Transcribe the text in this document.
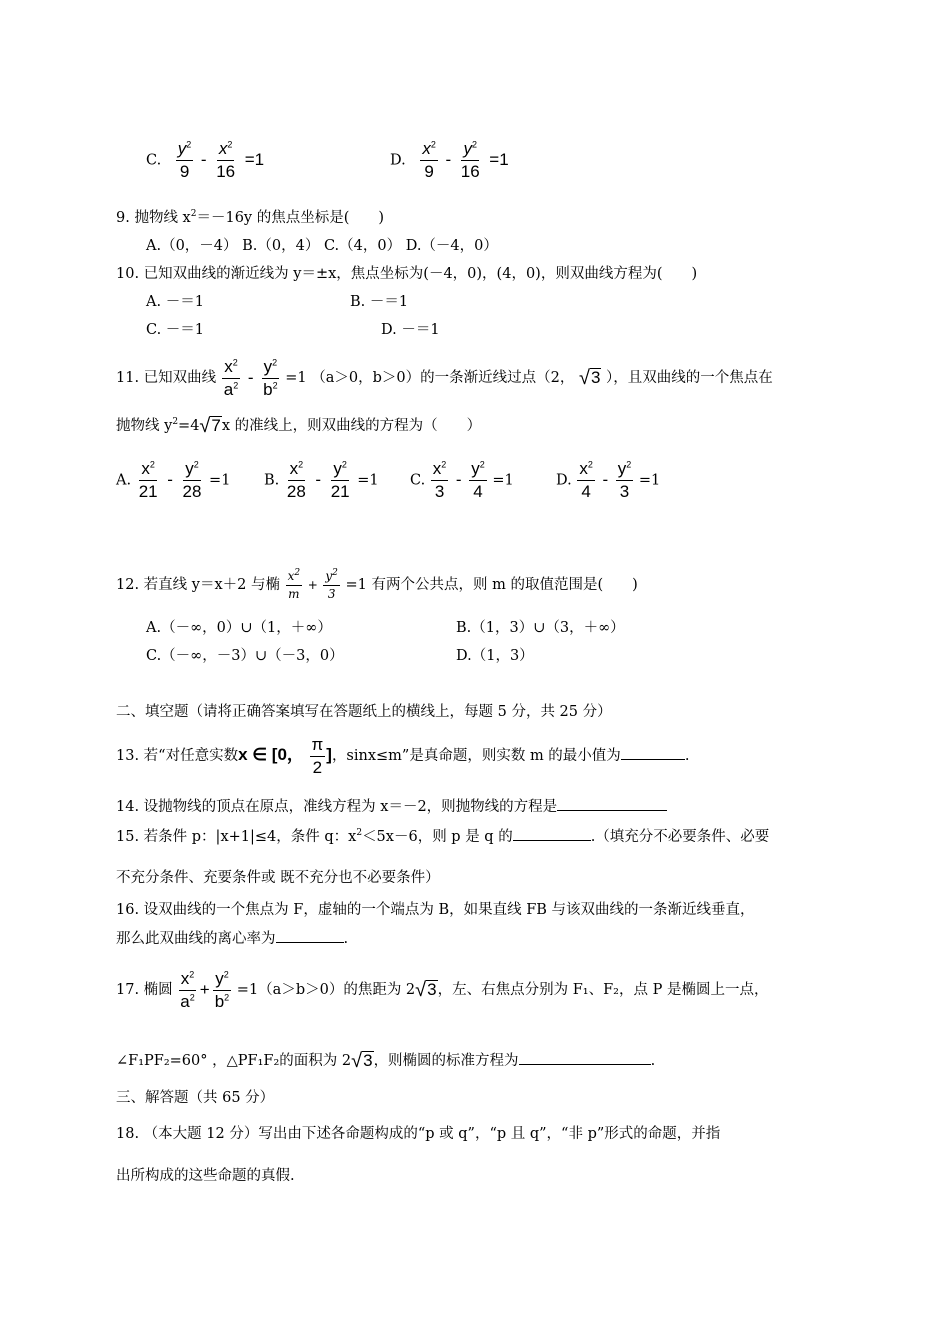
C. $\frac{y^2}{9} - \frac{x^2}{16} =1$	D. $\frac{x^2}{9} - \frac{y^2}{16} =1$
9. 抛物线 $x^2=-16y$ 的焦点坐标是(　　)
A.（0，－4） B.（0，4） C.（4，0） D.（－4，0）
10. 已知双曲线的渐近线为 y＝±x，焦点坐标为(－4，0)，(4，0)，则双曲线方程为(　　)
A. －＝1	B. －＝1
C. －＝1	D. －＝1
11. 已知双曲线 $\frac{x^2}{a^2} - \frac{y^2}{b^2} =1$ （a＞0，b＞0）的一条渐近线过点（2， √ 3 ），且双曲线的一个焦点在
抛物线 $y^2=4$ √ 7 x 的准线上，则双曲线的方程为（　　）
A. $\frac{x^2}{21} - \frac{y^2}{28} =1$ B. $\frac{x^2}{28} - \frac{y^2}{21} =1$ C. $\frac{x^2}{3} - \frac{y^2}{4} =1$	D. $\frac{x^2}{4} - \frac{y^2}{3} =1$
12. 若直线 y＝x＋2 与椭 $\frac{x^2}{m} + \frac{y^2}{3} =1$ 有两个公共点，则 m 的取值范围是(　　)
A.（－∞，0）∪（1，＋∞）	B.（1，3）∪（3，＋∞）
C.（－∞，－3）∪（－3，0）	D.（1，3）
二、填空题（请将正确答案填写在答题纸上的横线上，每题 5 分，共 25 分）
13. 若“对任意实数x ∈ [0， $\frac{\pi}{2}$ ]，sinx≤m”是真命题，则实数 m 的最小值为	.
14. 设抛物线的顶点在原点，准线方程为 x＝－2，则抛物线的方程是
15. 若条件 p：|x+1|≤4，条件 q：$x^2<5x-6$，则 p 是 q 的	.（填充分不必要条件、必要
不充分条件、充要条件或 既不充分也不必要条件）
16. 设双曲线的一个焦点为 F，虚轴的一个端点为 B，如果直线 FB 与该双曲线的一条渐近线垂直，
那么此双曲线的离心率为	.
17. 椭圆 $\frac{x^2}{a^2} + \frac{y^2}{b^2} =1(a>b>0)$的焦距为 2 √ 3 ，左、右焦点分别为 F₁、F₂，点 P 是椭圆上一点，
∠F₁PF₂=60° ，△PF₁F₂的面积为 2 √ 3 ，则椭圆的标准方程为	.
三、解答题（共 65 分）
18. （本大题 12 分）写出由下述各命题构成的“p 或 q”，“p 且 q”，“非 p”形式的命题，并指
出所构成的这些命题的真假.
